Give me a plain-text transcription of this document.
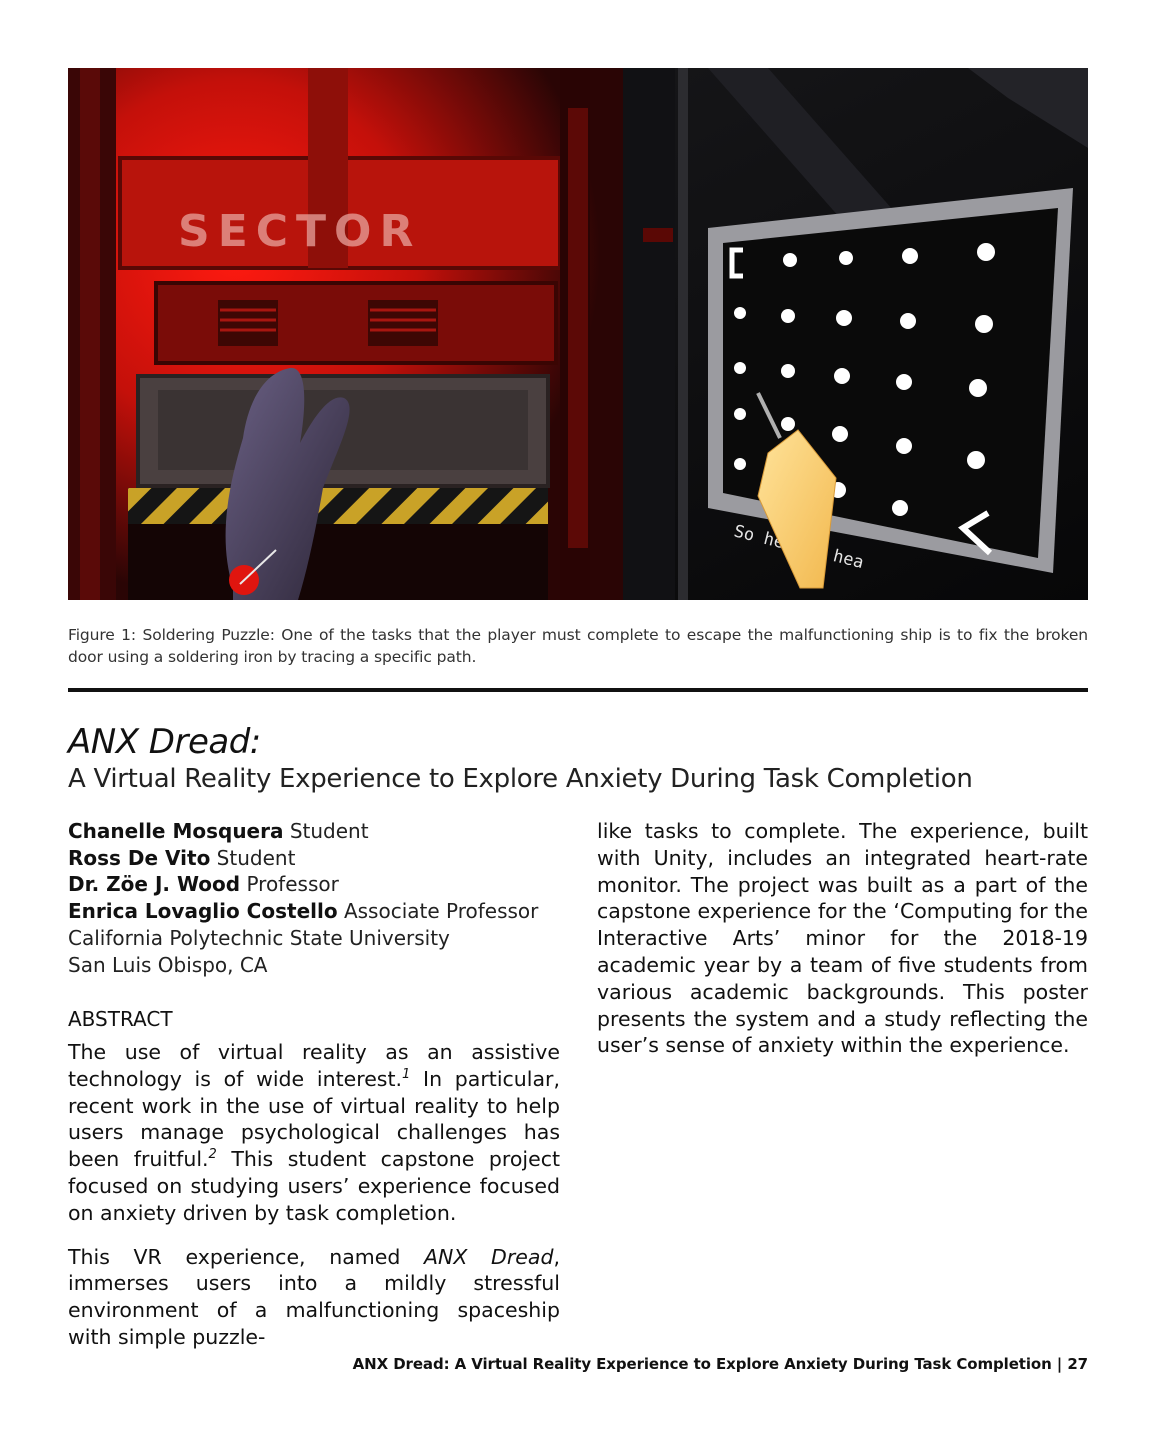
SECTOR
So he hea
Figure 1: Soldering Puzzle: One of the tasks that the player must complete to escape the malfunctioning ship is to fix the broken door using a soldering iron by tracing a specific path.
ANX Dread:
A Virtual Reality Experience to Explore Anxiety During Task Completion
Chanelle Mosquera Student
Ross De Vito Student
Dr. Zöe J. Wood Professor
Enrica Lovaglio Costello Associate Professor
California Polytechnic State University
San Luis Obispo, CA
ABSTRACT

The use of virtual reality as an assistive technology is of wide interest.$^1$ In particular, recent work in the use of virtual reality to help users manage psychological challenges has been fruitful.$^2$ This student capstone project focused on studying users’ experience focused on anxiety driven by task completion.

This VR experience, named ANX Dread, immerses users into a mildly stressful environment of a malfunctioning spaceship with simple puzzle-

like tasks to complete. The experience, built with Unity, includes an integrated heart-rate monitor. The project was built as a part of the capstone experience for the ‘Computing for the Interactive Arts’ minor for the 2018-19 academic year by a team of five students from various academic backgrounds. This poster presents the system and a study reflecting the user’s sense of anxiety within the experience.

ANX Dread: A Virtual Reality Experience to Explore Anxiety During Task Completion | 27
